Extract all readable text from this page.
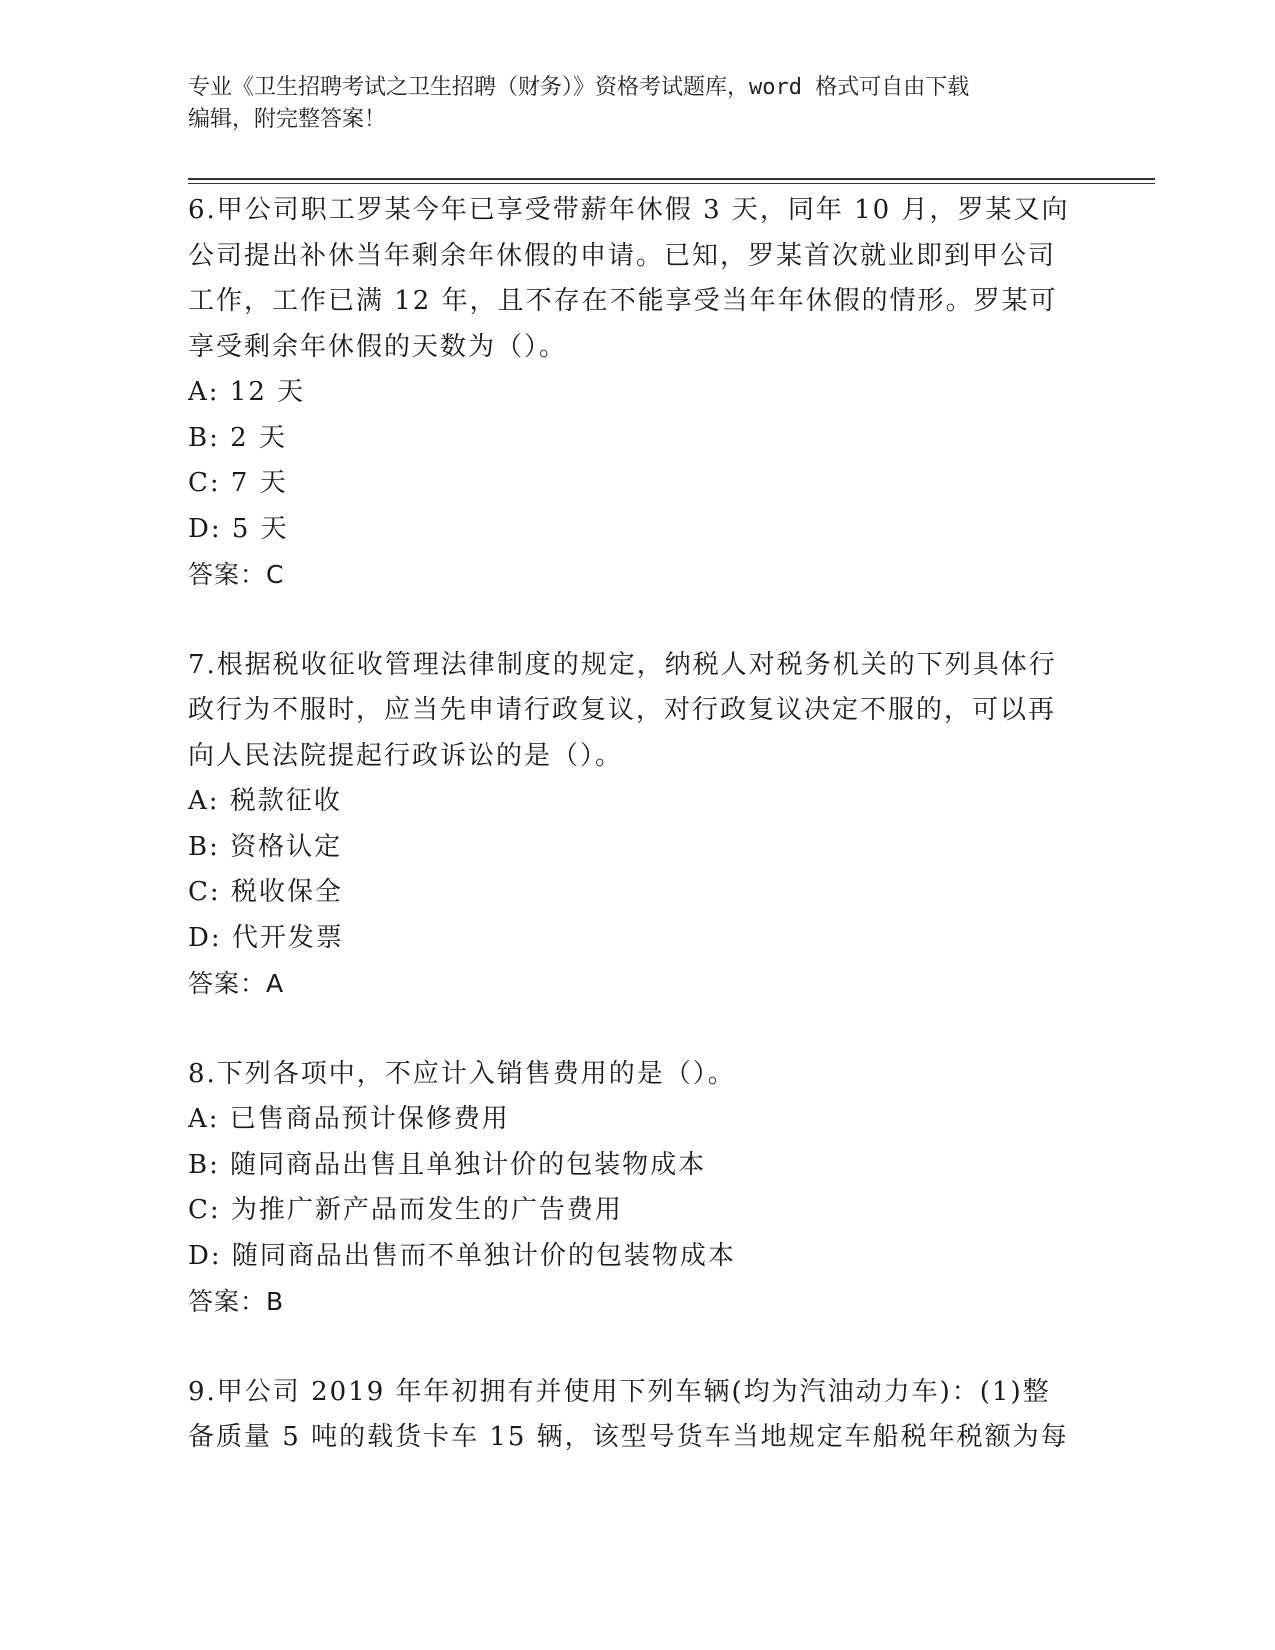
专业《卫生招聘考试之卫生招聘（财务）》资格考试题库，word 格式可自由下载
编辑，附完整答案！

6.甲公司职工罗某今年已享受带薪年休假 3 天，同年 10 月，罗某又向公司提出补休当年剩余年休假的申请。已知，罗某首次就业即到甲公司工作，工作已满 12 年，且不存在不能享受当年年休假的情形。罗某可享受剩余年休假的天数为（）。

A: 12 天

B: 2 天

C: 7 天

D: 5 天

答案：C

7.根据税收征收管理法律制度的规定，纳税人对税务机关的下列具体行政行为不服时，应当先申请行政复议，对行政复议决定不服的，可以再向人民法院提起行政诉讼的是（）。

A: 税款征收

B: 资格认定

C: 税收保全

D: 代开发票

答案：A

8.下列各项中，不应计入销售费用的是（）。

A: 已售商品预计保修费用

B: 随同商品出售且单独计价的包装物成本

C: 为推广新产品而发生的广告费用

D: 随同商品出售而不单独计价的包装物成本

答案：B

9.甲公司 2019 年年初拥有并使用下列车辆(均为汽油动力车)：(1)整备质量 5 吨的载货卡车 15 辆，该型号货车当地规定车船税年税额为每
